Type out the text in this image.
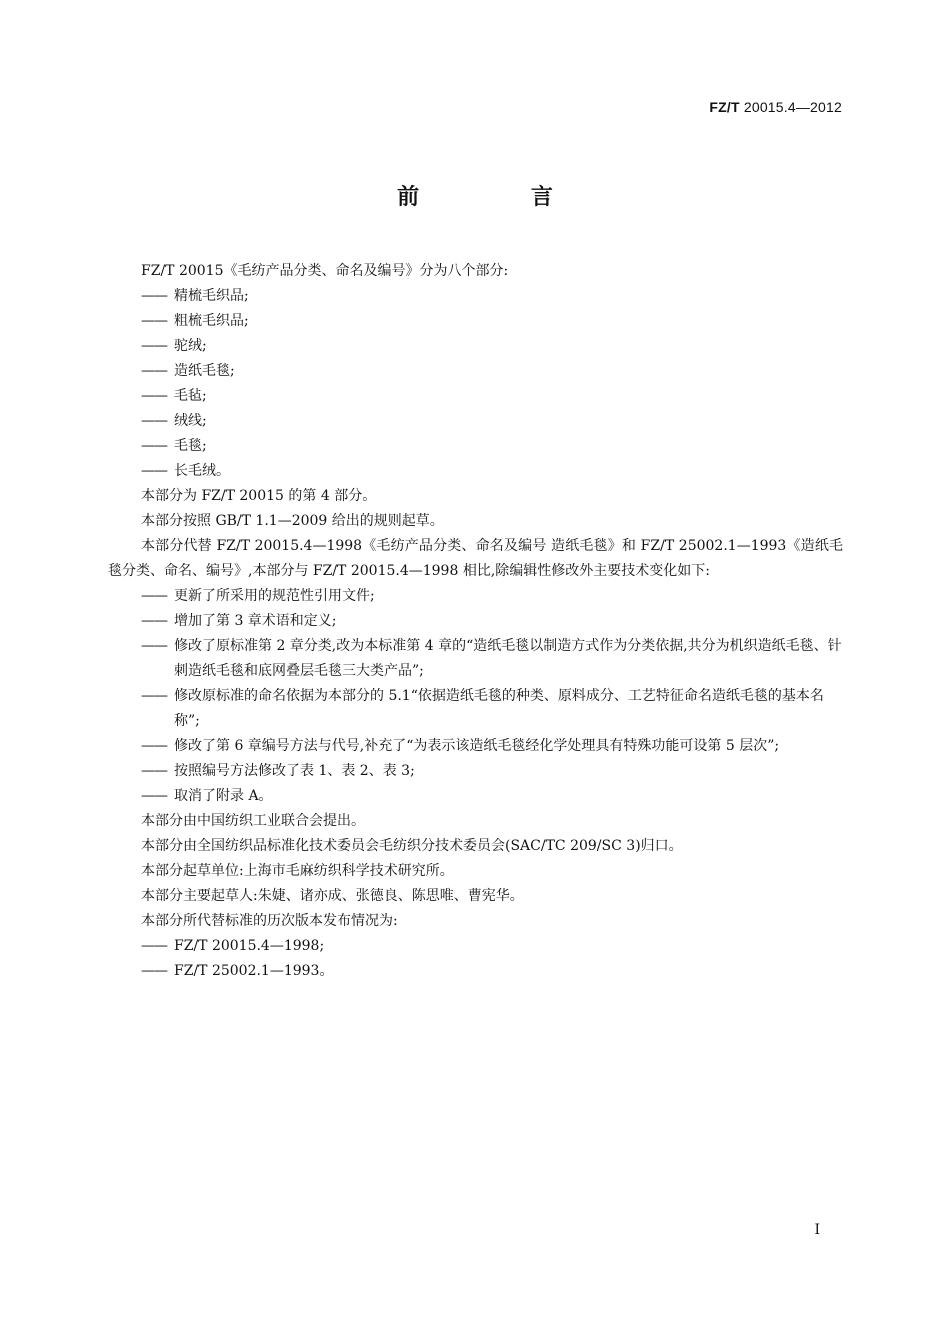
FZ/T 20015.4—2012
前 言
FZ/T 20015《毛纺产品分类、命名及编号》分为八个部分:
—— 精梳毛织品;
—— 粗梳毛织品;
—— 驼绒;
—— 造纸毛毯;
—— 毛毡;
—— 绒线;
—— 毛毯;
—— 长毛绒。
本部分为 FZ/T 20015 的第 4 部分。
本部分按照 GB/T 1.1—2009 给出的规则起草。
本部分代替 FZ/T 20015.4—1998《毛纺产品分类、命名及编号 造纸毛毯》和 FZ/T 25002.1—1993《造纸毛毯分类、命名、编号》,本部分与 FZ/T 20015.4—1998 相比,除编辑性修改外主要技术变化如下:
—— 更新了所采用的规范性引用文件;
—— 增加了第 3 章术语和定义;
—— 修改了原标准第 2 章分类,改为本标准第 4 章的“造纸毛毯以制造方式作为分类依据,共分为机织造纸毛毯、针刺造纸毛毯和底网叠层毛毯三大类产品”;
—— 修改原标准的命名依据为本部分的 5.1“依据造纸毛毯的种类、原料成分、工艺特征命名造纸毛毯的基本名称”;
—— 修改了第 6 章编号方法与代号,补充了“为表示该造纸毛毯经化学处理具有特殊功能可设第 5 层次”;
—— 按照编号方法修改了表 1、表 2、表 3;
—— 取消了附录 A。
本部分由中国纺织工业联合会提出。
本部分由全国纺织品标准化技术委员会毛纺织分技术委员会(SAC/TC 209/SC 3)归口。
本部分起草单位:上海市毛麻纺织科学技术研究所。
本部分主要起草人:朱婕、诸亦成、张德良、陈思唯、曹宪华。
本部分所代替标准的历次版本发布情况为:
—— FZ/T 20015.4—1998;
—— FZ/T 25002.1—1993。
I
